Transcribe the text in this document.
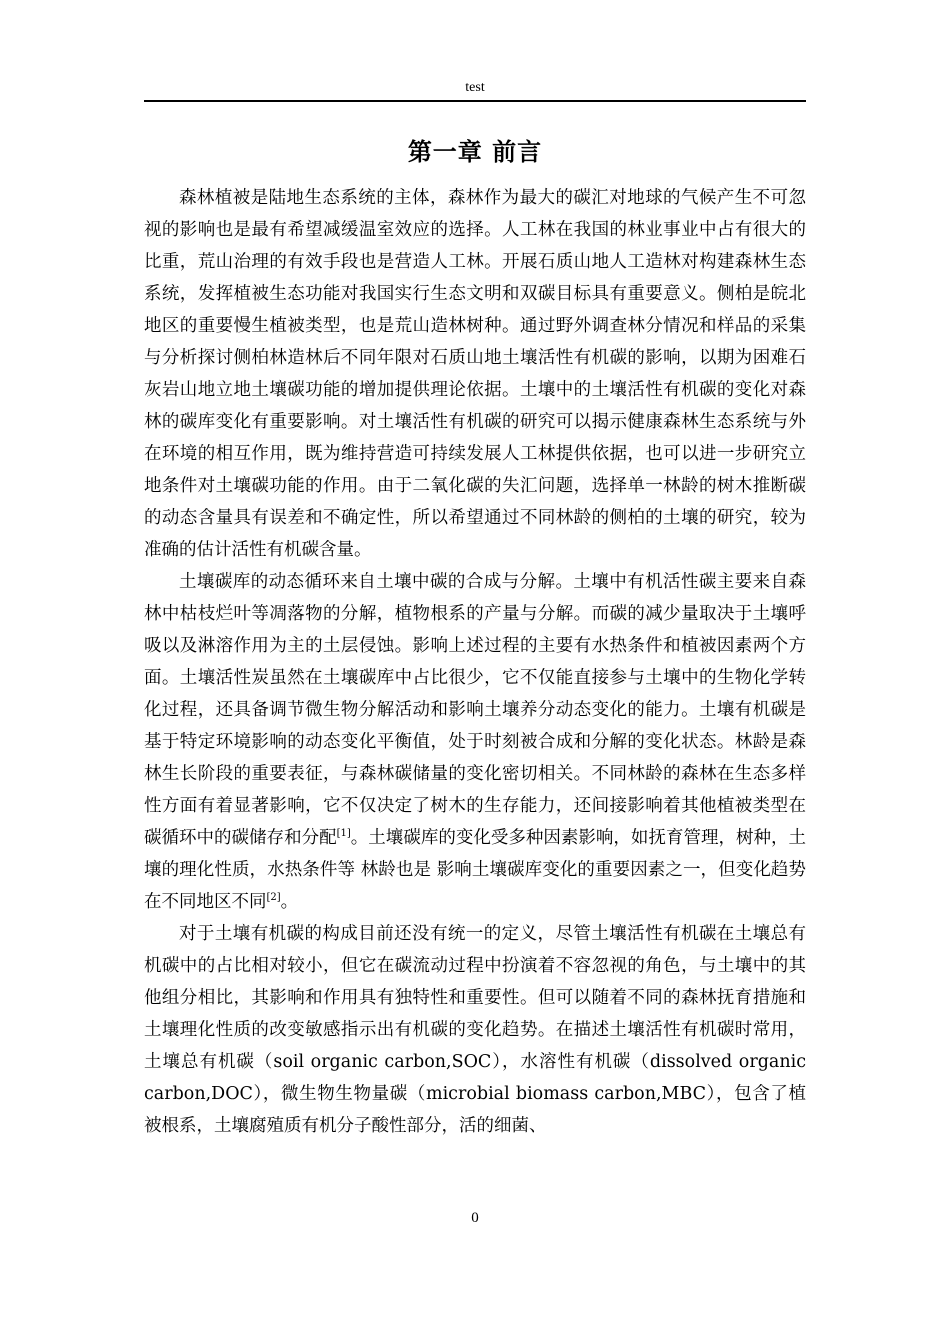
test
第一章 前言

森林植被是陆地生态系统的主体，森林作为最大的碳汇对地球的气候产生不可忽视的影响也是最有希望减缓温室效应的选择。人工林在我国的林业事业中占有很大的比重，荒山治理的有效手段也是营造人工林。开展石质山地人工造林对构建森林生态系统，发挥植被生态功能对我国实行生态文明和双碳目标具有重要意义。侧柏是皖北地区的重要慢生植被类型，也是荒山造林树种。通过野外调查林分情况和样品的采集与分析探讨侧柏林造林后不同年限对石质山地土壤活性有机碳的影响，以期为困难石灰岩山地立地土壤碳功能的增加提供理论依据。土壤中的土壤活性有机碳的变化对森林的碳库变化有重要影响。对土壤活性有机碳的研究可以揭示健康森林生态系统与外在环境的相互作用，既为维持营造可持续发展人工林提供依据，也可以进一步研究立地条件对土壤碳功能的作用。由于二氧化碳的失汇问题，选择单一林龄的树木推断碳的动态含量具有误差和不确定性，所以希望通过不同林龄的侧柏的土壤的研究，较为准确的估计活性有机碳含量。

土壤碳库的动态循环来自土壤中碳的合成与分解。土壤中有机活性碳主要来自森林中枯枝烂叶等凋落物的分解，植物根系的产量与分解。而碳的减少量取决于土壤呼吸以及淋溶作用为主的土层侵蚀。影响上述过程的主要有水热条件和植被因素两个方面。土壤活性炭虽然在土壤碳库中占比很少，它不仅能直接参与土壤中的生物化学转化过程，还具备调节微生物分解活动和影响土壤养分动态变化的能力。土壤有机碳是基于特定环境影响的动态变化平衡值，处于时刻被合成和分解的变化状态。林龄是森林生长阶段的重要表征，与森林碳储量的变化密切相关。不同林龄的森林在生态多样性方面有着显著影响，它不仅决定了树木的生存能力，还间接影响着其他植被类型在碳循环中的碳储存和分配[1]。土壤碳库的变化受多种因素影响，如抚育管理，树种，土壤的理化性质，水热条件等 林龄也是 影响土壤碳库变化的重要因素之一，但变化趋势在不同地区不同[2]。

对于土壤有机碳的构成目前还没有统一的定义，尽管土壤活性有机碳在土壤总有机碳中的占比相对较小，但它在碳流动过程中扮演着不容忽视的角色，与土壤中的其他组分相比，其影响和作用具有独特性和重要性。但可以随着不同的森林抚育措施和土壤理化性质的改变敏感指示出有机碳的变化趋势。在描述土壤活性有机碳时常用，土壤总有机碳（soil organic carbon,SOC），水溶性有机碳（dissolved organic carbon,DOC），微生物生物量碳（microbial biomass carbon,MBC），包含了植被根系，土壤腐殖质有机分子酸性部分，活的细菌、

0
